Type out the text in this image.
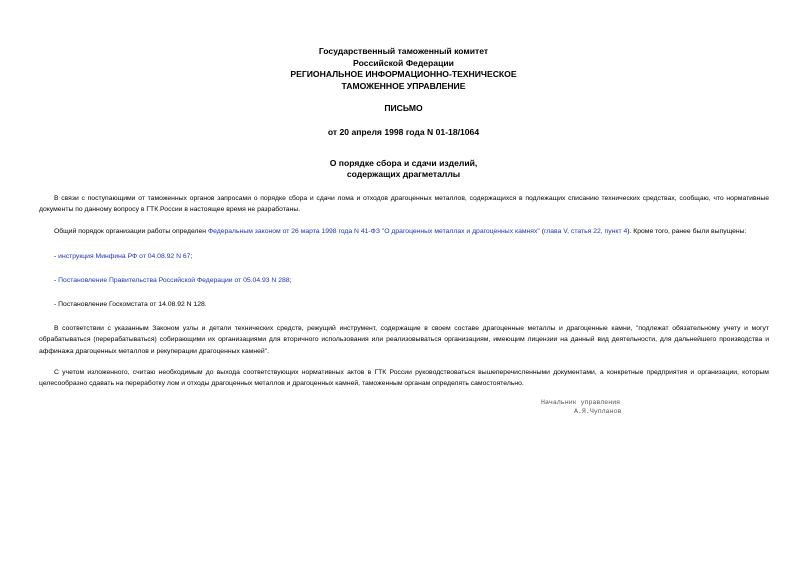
Государственный таможенный комитет
Российской Федерации
РЕГИОНАЛЬНОЕ ИНФОРМАЦИОННО-ТЕХНИЧЕСКОЕ
ТАМОЖЕННОЕ УПРАВЛЕНИЕ
ПИСЬМО
от 20 апреля 1998 года N 01-18/1064
О порядке сбора и сдачи изделий,
содержащих драгметаллы

В связи с поступающими от таможенных органов запросами о порядке сбора и сдачи лома и отходов драгоценных металлов, содержащихся в подлежащих списанию технических средствах, сообщаю, что нормативные документы по данному вопросу в ГТК России в настоящее время не разработаны.

Общий порядок организации работы определен Федеральным законом от 26 марта 1998 года N 41-ФЗ "О драгоценных металлах и драгоценных камнях" (глава V, статья 22, пункт 4). Кроме того, ранее были выпущены:

- инструкция Минфина РФ от 04.08.92 N 67;

- Постановление Правительства Российской Федерации от 05.04.93 N 288;

- Постановление Госкомстата от 14.08.92 N 128.

В соответствии с указанным Законом узлы и детали технических средств, режущий инструмент, содержащие в своем составе драгоценные металлы и драгоценные камни, "подлежат обязательному учету и могут обрабатываться (перерабатываться) собирающими их организациями для вторичного использования или реализовываться организациям, имеющим лицензии на данный вид деятельности, для дальнейшего производства и аффинажа драгоценных металлов и рекуперации драгоценных камней".

С учетом изложенного, считаю необходимым до выхода соответствующих нормативных актов в ГТК России руководствоваться вышеперечисленными документами, а конкретные предприятия и организации, которым целесообразно сдавать на переработку лом и отходы драгоценных металлов и драгоценных камней, таможенным органам определять самостоятельно.

Начальник управления
А.Я.Чупланов
